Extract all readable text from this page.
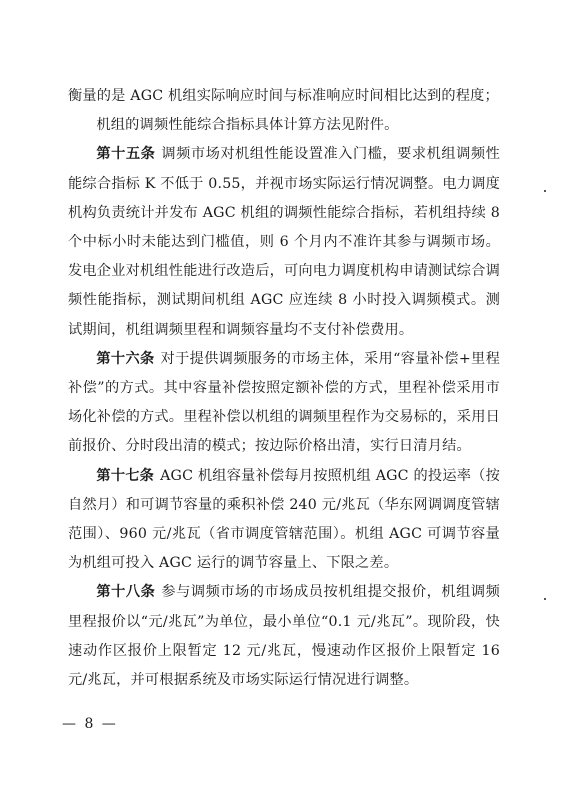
衡量的是 AGC 机组实际响应时间与标准响应时间相比达到的程度；

机组的调频性能综合指标具体计算方法见附件。

第十五条 调频市场对机组性能设置准入门槛，要求机组调频性能综合指标 K 不低于 0.55，并视市场实际运行情况调整。电力调度机构负责统计并发布 AGC 机组的调频性能综合指标，若机组持续 8 个中标小时未能达到门槛值，则 6 个月内不准许其参与调频市场。发电企业对机组性能进行改造后，可向电力调度机构申请测试综合调频性能指标，测试期间机组 AGC 应连续 8 小时投入调频模式。测试期间，机组调频里程和调频容量均不支付补偿费用。

第十六条 对于提供调频服务的市场主体，采用“容量补偿+里程补偿”的方式。其中容量补偿按照定额补偿的方式，里程补偿采用市场化补偿的方式。里程补偿以机组的调频里程作为交易标的，采用日前报价、分时段出清的模式；按边际价格出清，实行日清月结。

第十七条 AGC 机组容量补偿每月按照机组 AGC 的投运率（按自然月）和可调节容量的乘积补偿 240 元/兆瓦（华东网调调度管辖范围）、960 元/兆瓦（省市调度管辖范围）。机组 AGC 可调节容量为机组可投入 AGC 运行的调节容量上、下限之差。

第十八条 参与调频市场的市场成员按机组提交报价，机组调频里程报价以“元/兆瓦”为单位，最小单位“0.1 元/兆瓦”。现阶段，快速动作区报价上限暂定 12 元/兆瓦，慢速动作区报价上限暂定 16 元/兆瓦，并可根据系统及市场实际运行情况进行调整。

— 8 —
